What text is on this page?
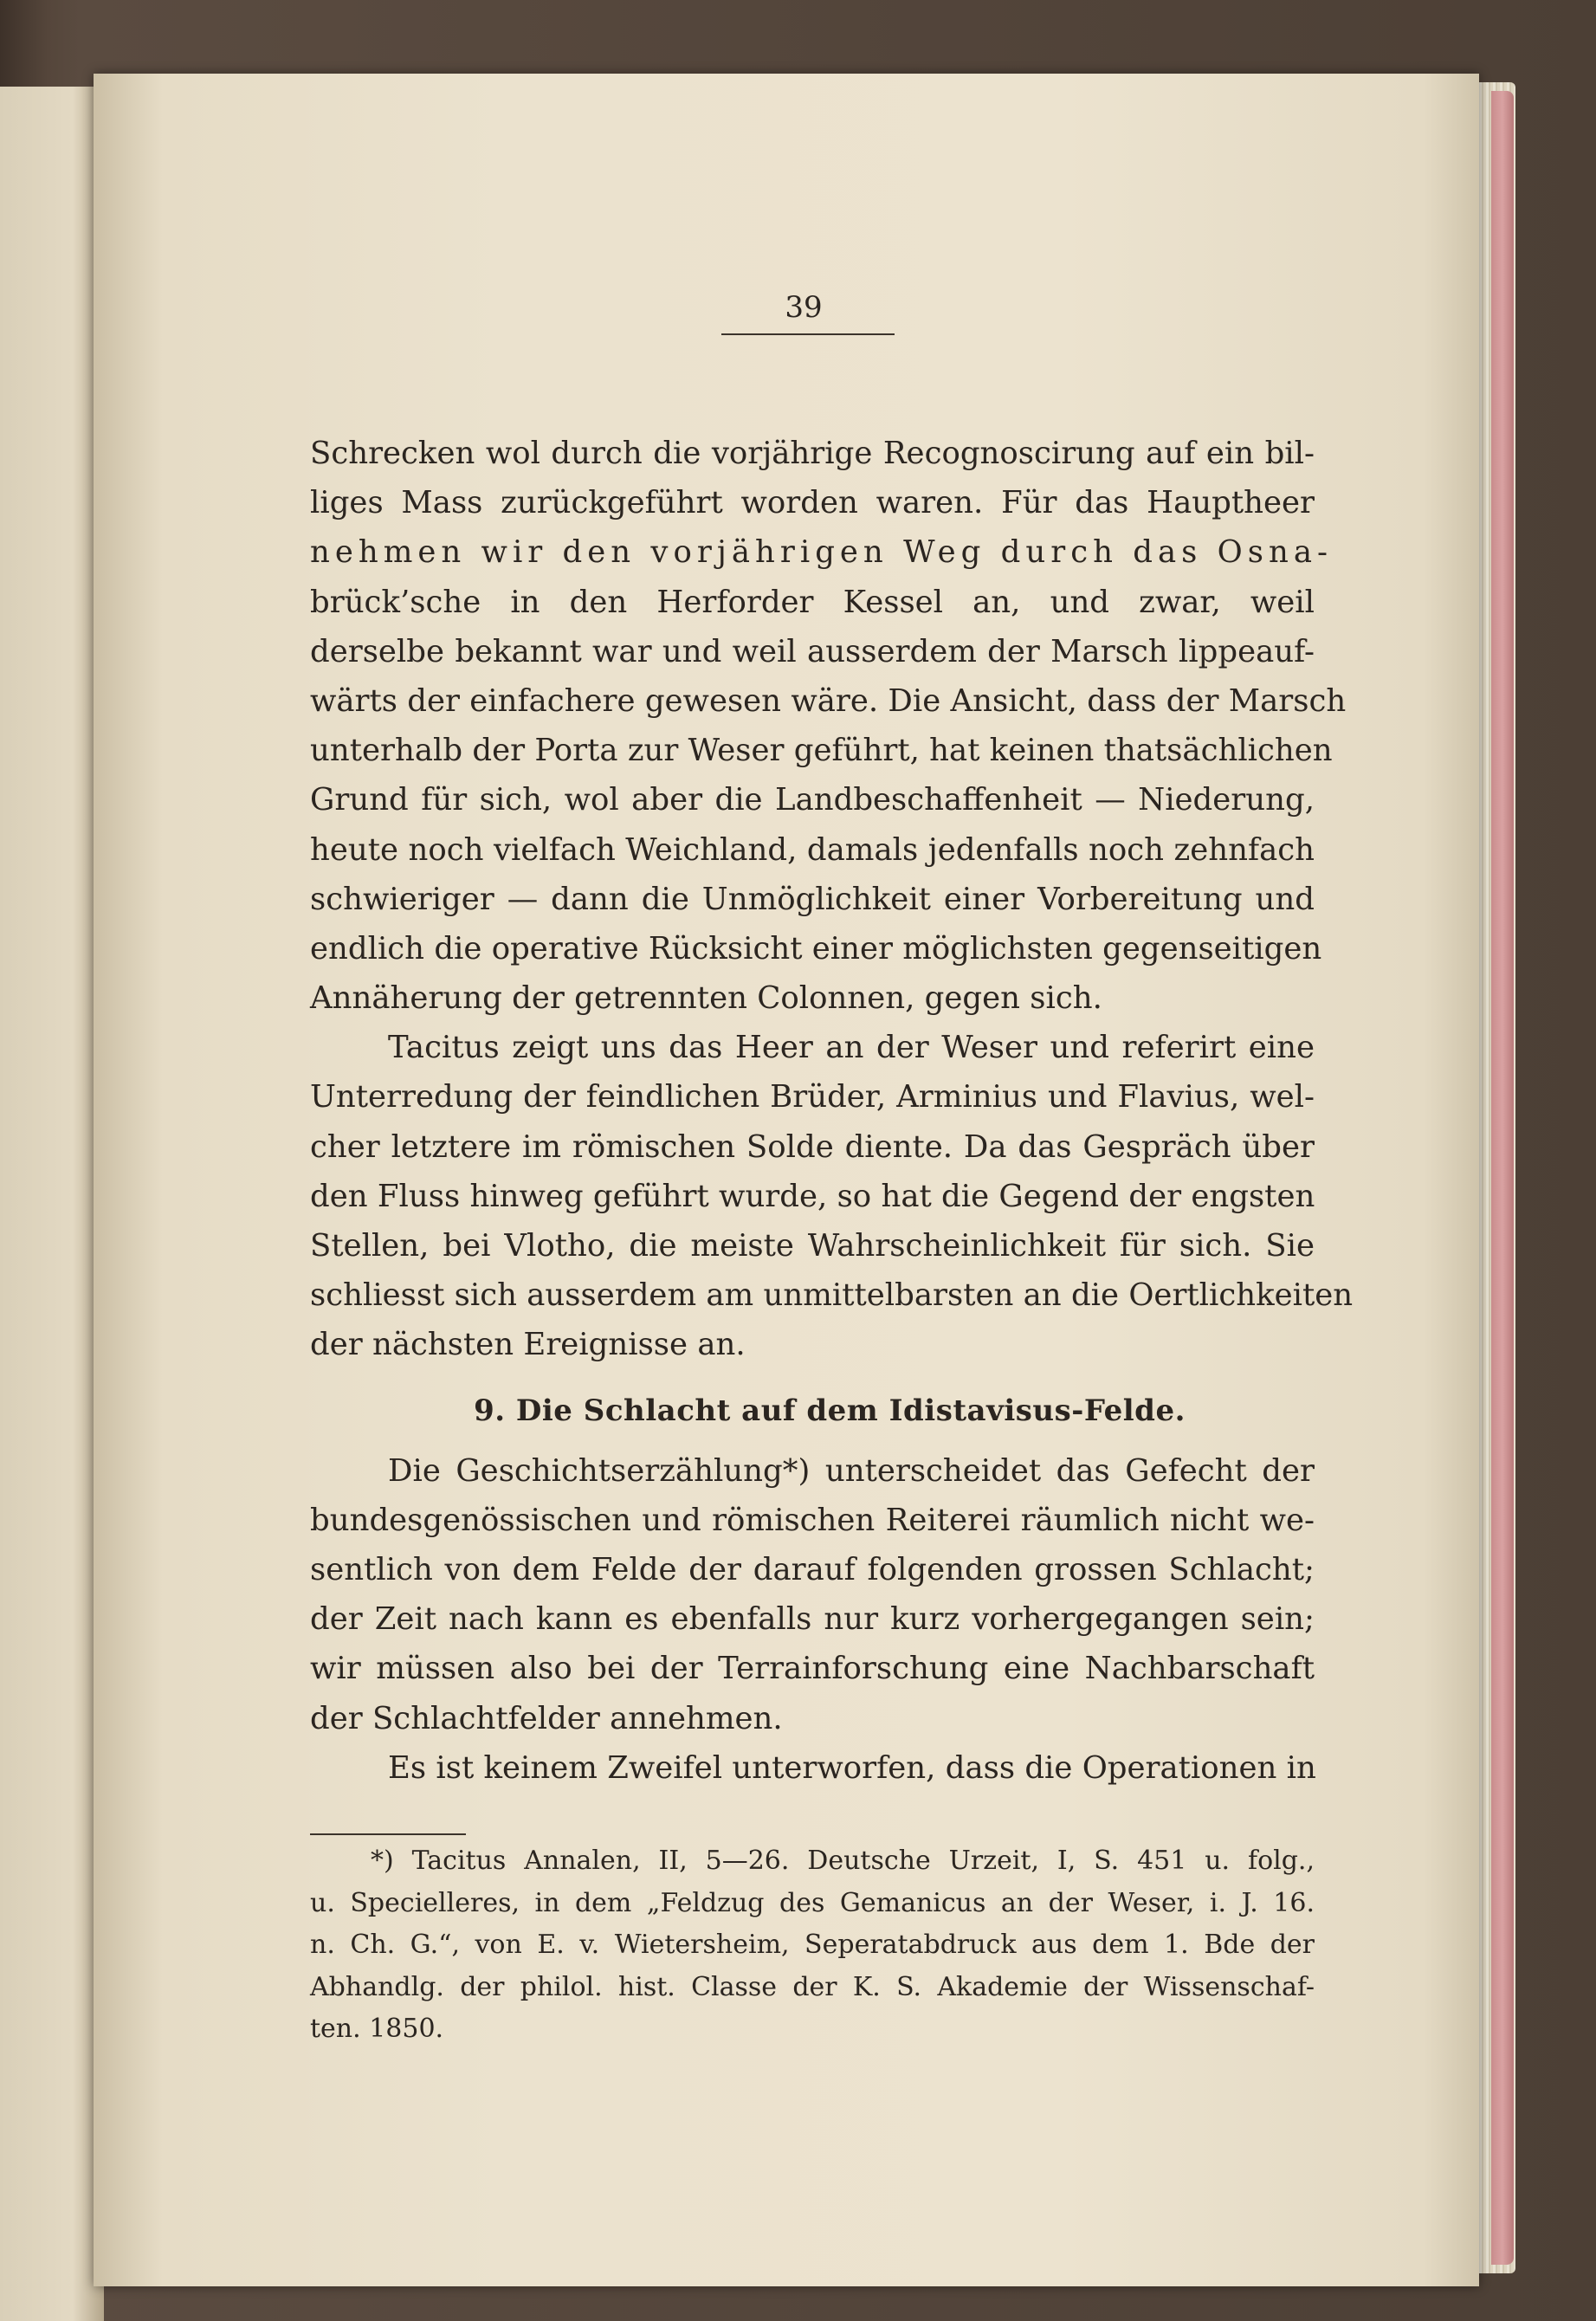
39
Schrecken wol durch die vorjährige Recognoscirung auf ein bil-
liges Mass zurückgeführt worden waren. Für das Hauptheer
nehmen wir den vorjährigen Weg durch das Osna-
brück’sche in den Herforder Kessel an, und zwar, weil
derselbe bekannt war und weil ausserdem der Marsch lippeauf-
wärts der einfachere gewesen wäre. Die Ansicht, dass der Marsch
unterhalb der Porta zur Weser geführt, hat keinen thatsächlichen
Grund für sich, wol aber die Landbeschaffenheit — Niederung,
heute noch vielfach Weichland, damals jedenfalls noch zehnfach
schwieriger — dann die Unmöglichkeit einer Vorbereitung und
endlich die operative Rücksicht einer möglichsten gegenseitigen
Annäherung der getrennten Colonnen, gegen sich.
Tacitus zeigt uns das Heer an der Weser und referirt eine
Unterredung der feindlichen Brüder, Arminius und Flavius, wel-
cher letztere im römischen Solde diente. Da das Gespräch über
den Fluss hinweg geführt wurde, so hat die Gegend der engsten
Stellen, bei Vlotho, die meiste Wahrscheinlichkeit für sich. Sie
schliesst sich ausserdem am unmittelbarsten an die Oertlichkeiten
der nächsten Ereignisse an.
9. Die Schlacht auf dem Idistavisus-Felde.
Die Geschichtserzählung*) unterscheidet das Gefecht der
bundesgenössischen und römischen Reiterei räumlich nicht we-
sentlich von dem Felde der darauf folgenden grossen Schlacht;
der Zeit nach kann es ebenfalls nur kurz vorhergegangen sein;
wir müssen also bei der Terrainforschung eine Nachbarschaft
der Schlachtfelder annehmen.
Es ist keinem Zweifel unterworfen, dass die Operationen in
*) Tacitus Annalen, II, 5—26. Deutsche Urzeit, I, S. 451 u. folg.,
u. Specielleres, in dem „Feldzug des Gemanicus an der Weser, i. J. 16.
n. Ch. G.“, von E. v. Wietersheim, Seperatabdruck aus dem 1. Bde der
Abhandlg. der philol. hist. Classe der K. S. Akademie der Wissenschaf-
ten. 1850.
